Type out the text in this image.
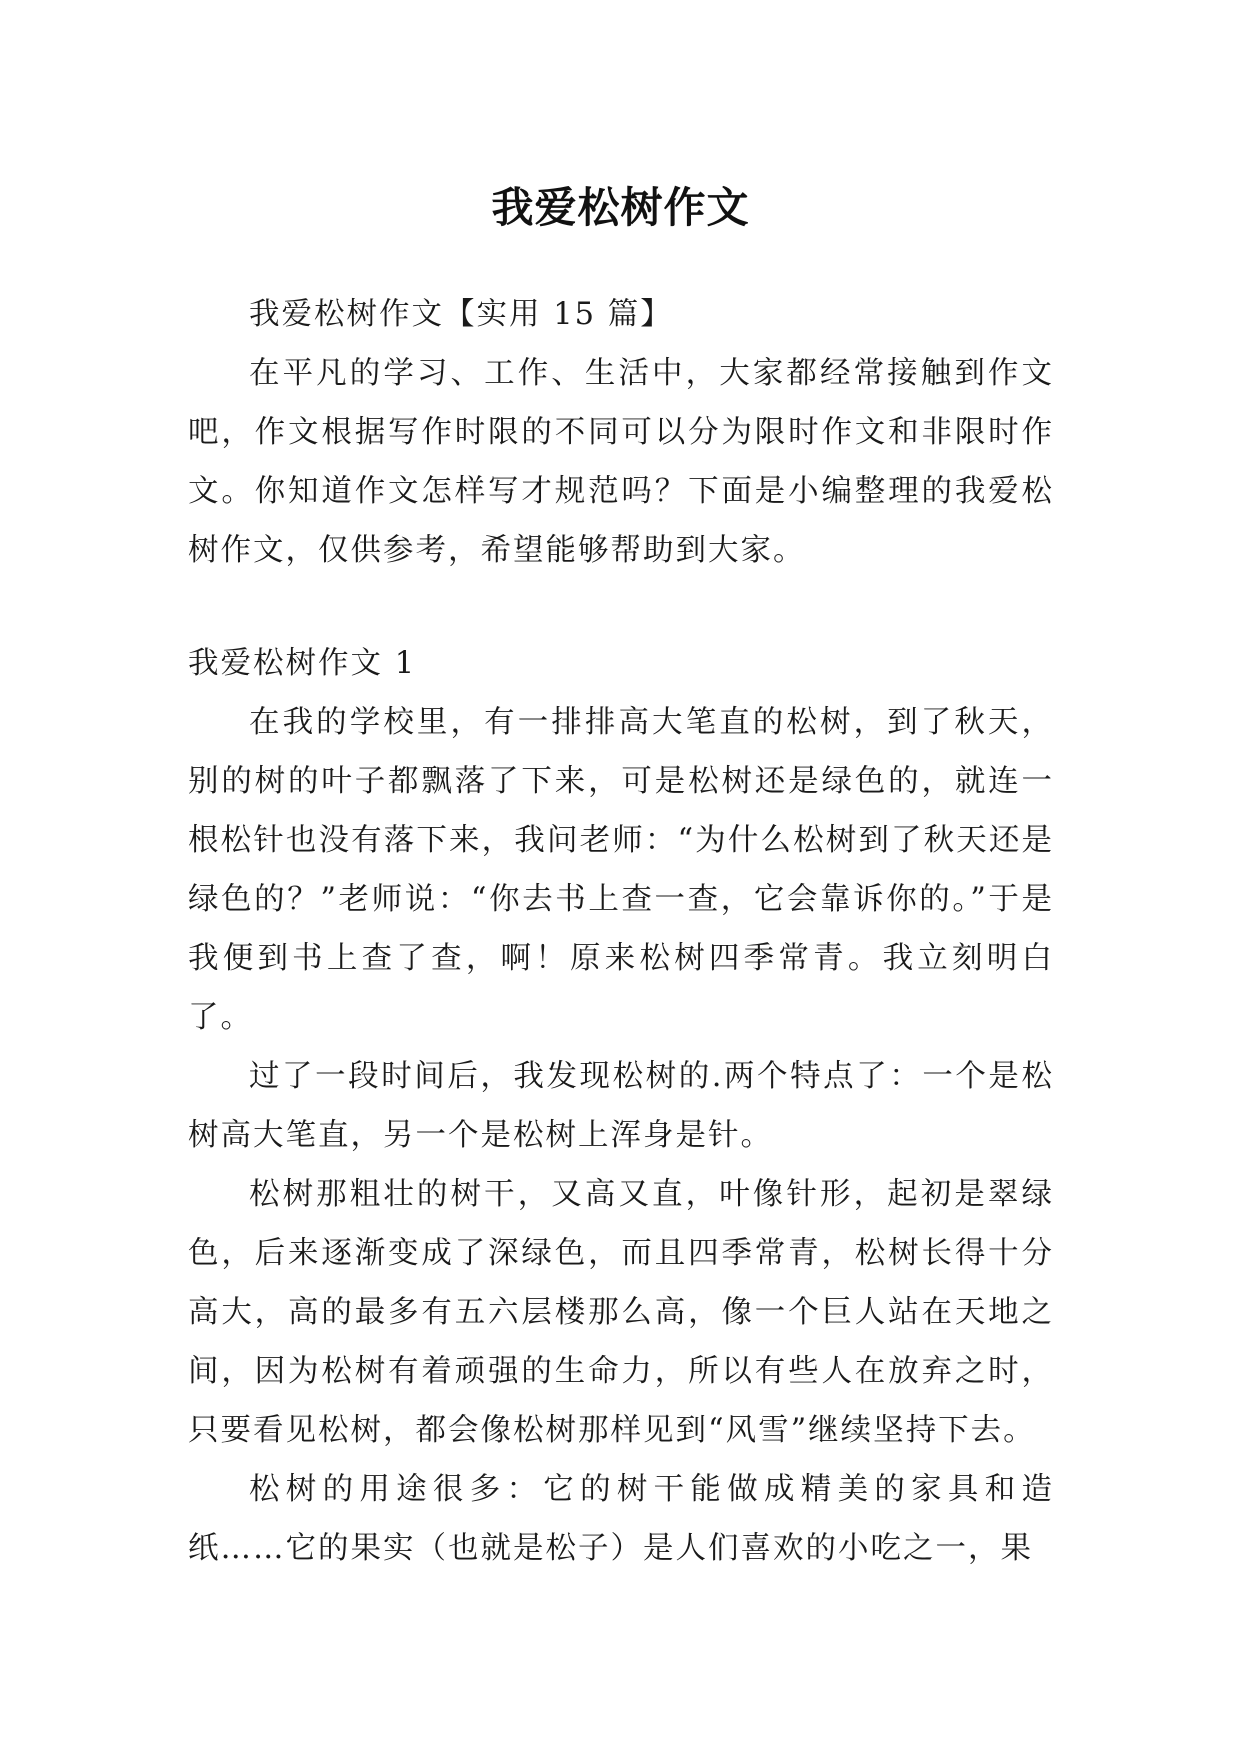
我爱松树作文

我爱松树作文【实用 15 篇】

在平凡的学习、工作、生活中，大家都经常接触到作文吧，作文根据写作时限的不同可以分为限时作文和非限时作文。你知道作文怎样写才规范吗？下面是小编整理的我爱松树作文，仅供参考，希望能够帮助到大家。

我爱松树作文 1

在我的学校里，有一排排高大笔直的松树，到了秋天，别的树的叶子都飘落了下来，可是松树还是绿色的，就连一根松针也没有落下来，我问老师：“为什么松树到了秋天还是绿色的？”老师说：“你去书上查一查，它会靠诉你的。”于是我便到书上查了查，啊！原来松树四季常青。我立刻明白了。

过了一段时间后，我发现松树的.两个特点了：一个是松树高大笔直，另一个是松树上浑身是针。

松树那粗壮的树干，又高又直，叶像针形，起初是翠绿色，后来逐渐变成了深绿色，而且四季常青，松树长得十分高大，高的最多有五六层楼那么高，像一个巨人站在天地之间，因为松树有着顽强的生命力，所以有些人在放弃之时，只要看见松树，都会像松树那样见到“风雪”继续坚持下去。

松树的用途很多：它的树干能做成精美的家具和造纸……它的果实（也就是松子）是人们喜欢的小吃之一，果
